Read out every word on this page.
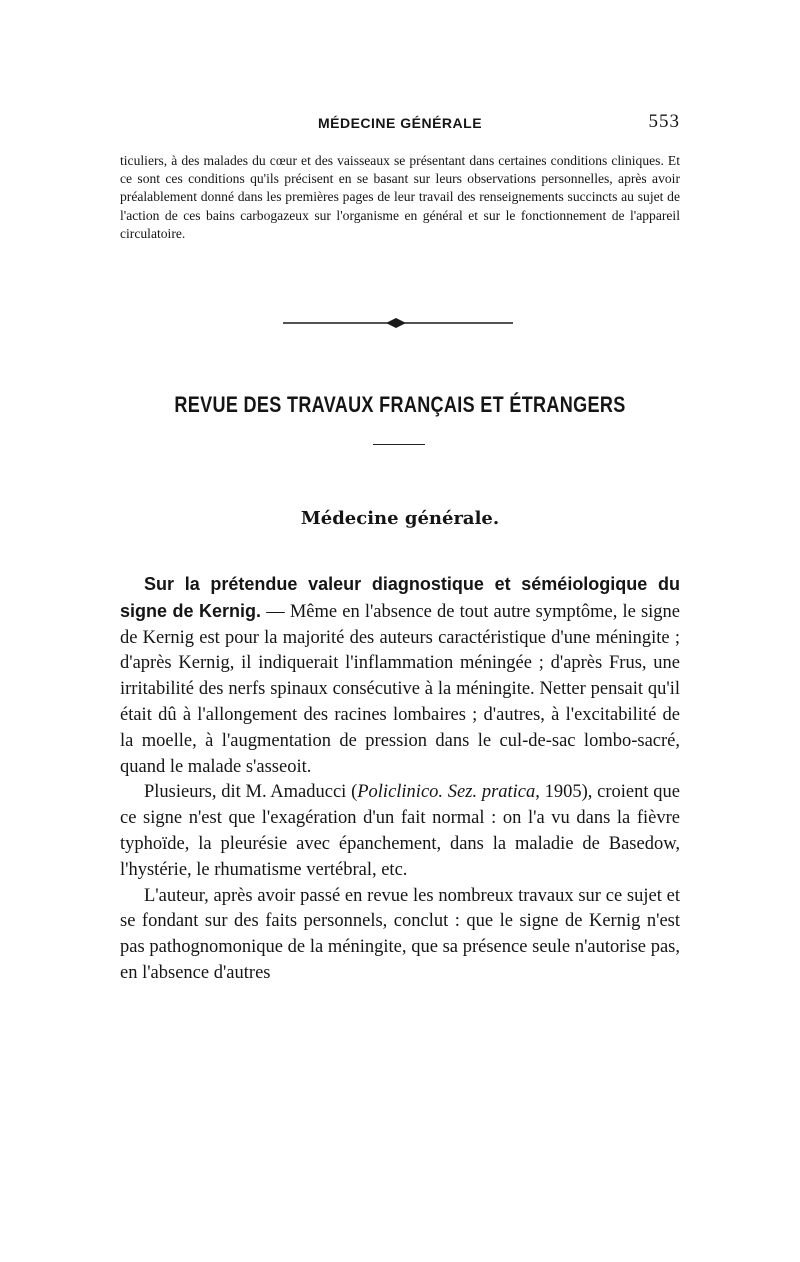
MÉDECINE GÉNÉRALE	553
ticuliers, à des malades du cœur et des vaisseaux se présentant dans certaines conditions cliniques. Et ce sont ces conditions qu'ils précisent en se basant sur leurs observations personnelles, après avoir préalablement donné dans les premières pages de leur travail des renseignements succincts au sujet de l'action de ces bains carbogazeux sur l'organisme en général et sur le fonctionnement de l'appareil circulatoire.
REVUE DES TRAVAUX FRANÇAIS ET ÉTRANGERS
Médecine générale.

Sur la prétendue valeur diagnostique et séméiologique du signe de Kernig. — Même en l'absence de tout autre symptôme, le signe de Kernig est pour la majorité des auteurs caractéristique d'une méningite ; d'après Kernig, il indiquerait l'inflammation méningée ; d'après Frus, une irritabilité des nerfs spinaux consécutive à la méningite. Netter pensait qu'il était dû à l'allongement des racines lombaires ; d'autres, à l'excitabilité de la moelle, à l'augmentation de pression dans le cul-de-sac lombo-sacré, quand le malade s'asseoit.

Plusieurs, dit M. Amaducci (Policlinico. Sez. pratica, 1905), croient que ce signe n'est que l'exagération d'un fait normal : on l'a vu dans la fièvre typhoïde, la pleurésie avec épanchement, dans la maladie de Basedow, l'hystérie, le rhumatisme vertébral, etc.

L'auteur, après avoir passé en revue les nombreux travaux sur ce sujet et se fondant sur des faits personnels, conclut : que le signe de Kernig n'est pas pathognomonique de la méningite, que sa présence seule n'autorise pas, en l'absence d'autres
